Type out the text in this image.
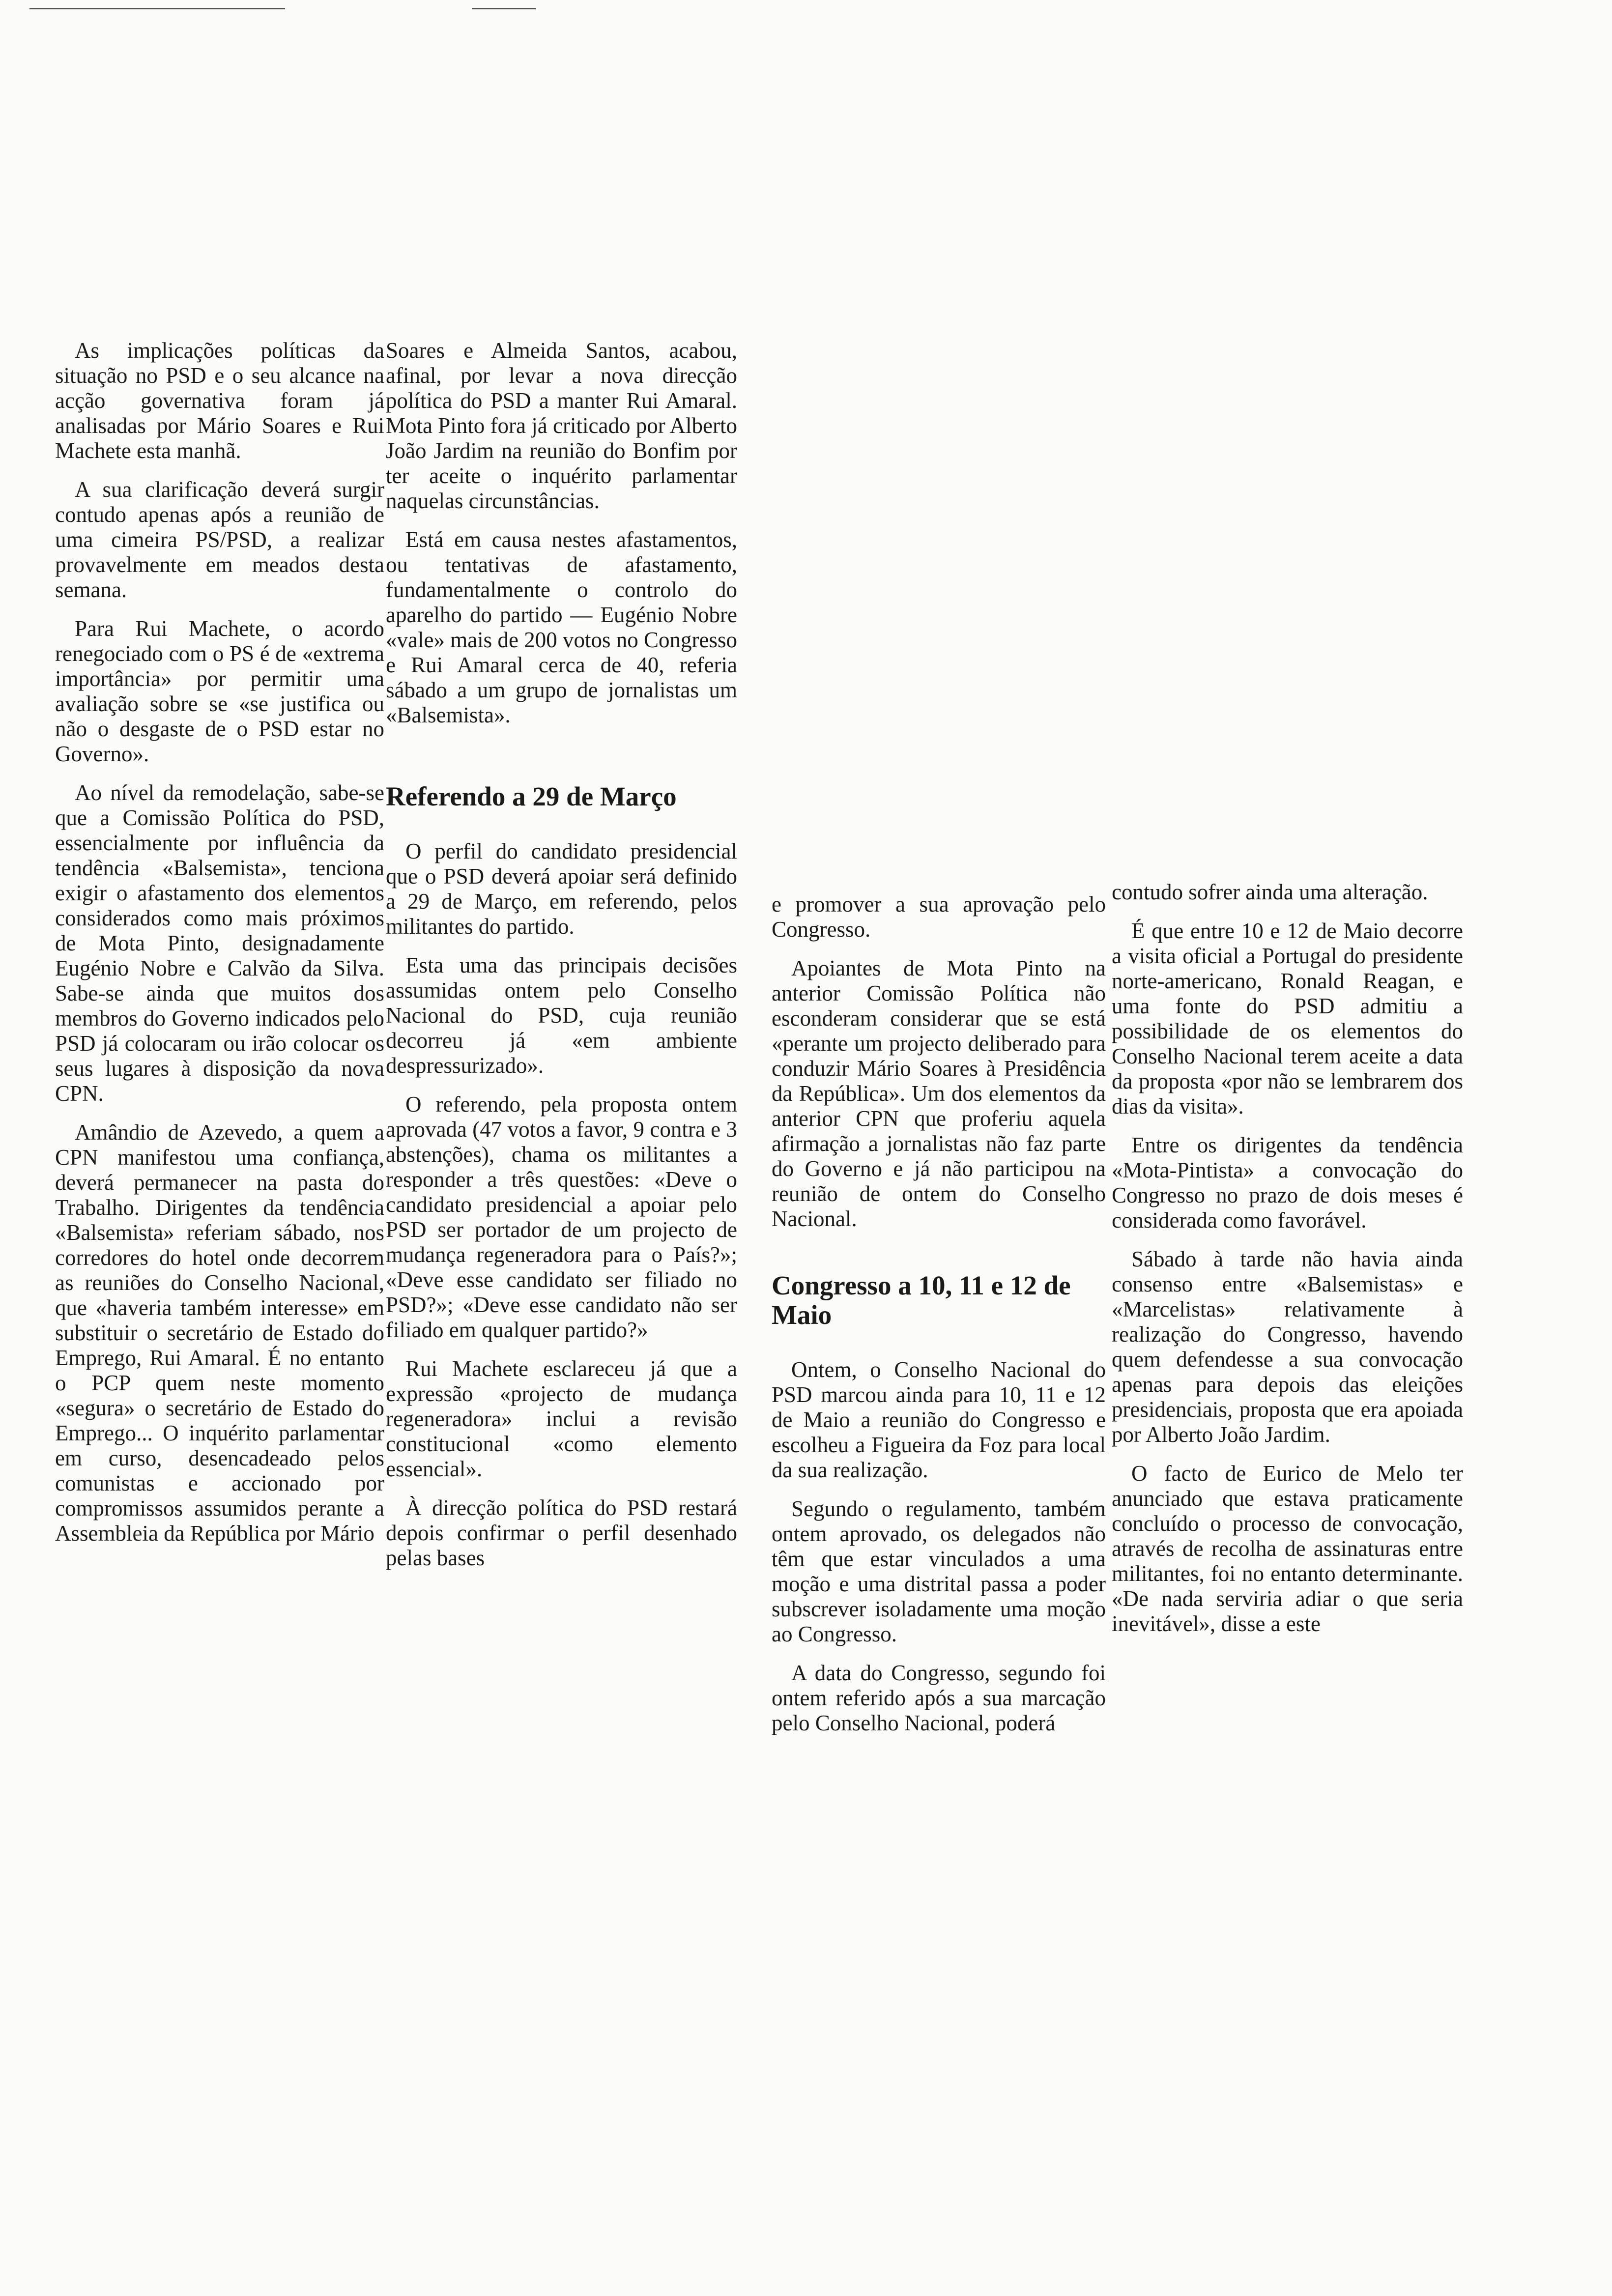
As implicações políticas da situação no PSD e o seu alcance na acção governativa foram já analisadas por Mário Soares e Rui Machete esta manhã.

A sua clarificação deverá surgir contudo apenas após a reunião de uma cimeira PS/PSD, a realizar provavelmente em meados desta semana.

Para Rui Machete, o acordo renegociado com o PS é de «extrema importância» por permitir uma avaliação sobre se «se justifica ou não o desgaste de o PSD estar no Governo».

Ao nível da remodelação, sabe-se que a Comissão Política do PSD, essencialmente por influência da tendência «Balsemista», tenciona exigir o afastamento dos elementos considerados como mais próximos de Mota Pinto, designadamente Eugénio Nobre e Calvão da Silva. Sabe-se ainda que muitos dos membros do Governo indicados pelo PSD já colocaram ou irão colocar os seus lugares à disposição da nova CPN.

Amândio de Azevedo, a quem a CPN manifestou uma confiança, deverá permanecer na pasta do Trabalho. Dirigentes da tendência «Balsemista» referiam sábado, nos corredores do hotel onde decorrem as reuniões do Conselho Nacional, que «haveria também interesse» em substituir o secretário de Estado do Emprego, Rui Amaral. É no entanto o PCP quem neste momento «segura» o secretário de Estado do Emprego... O inquérito parlamentar em curso, desencadeado pelos comunistas e accionado por compromissos assumidos perante a Assembleia da República por Mário

Soares e Almeida Santos, acabou, afinal, por levar a nova direcção política do PSD a manter Rui Amaral. Mota Pinto fora já criticado por Alberto João Jardim na reunião do Bonfim por ter aceite o inquérito parlamentar naquelas circunstâncias.

Está em causa nestes afastamentos, ou tentativas de afastamento, fundamentalmente o controlo do aparelho do partido — Eugénio Nobre «vale» mais de 200 votos no Congresso e Rui Amaral cerca de 40, referia sábado a um grupo de jornalistas um «Balsemista».

Referendo a 29 de Março

O perfil do candidato presidencial que o PSD deverá apoiar será definido a 29 de Março, em referendo, pelos militantes do partido.

Esta uma das principais decisões assumidas ontem pelo Conselho Nacional do PSD, cuja reunião decorreu já «em ambiente despressurizado».

O referendo, pela proposta ontem aprovada (47 votos a favor, 9 contra e 3 abstenções), chama os militantes a responder a três questões: «Deve o candidato presidencial a apoiar pelo PSD ser portador de um projecto de mudança regeneradora para o País?»; «Deve esse candidato ser filiado no PSD?»; «Deve esse candidato não ser filiado em qualquer partido?»

Rui Machete esclareceu já que a expressão «projecto de mudança regeneradora» inclui a revisão constitucional «como elemento essencial».

À direcção política do PSD restará depois confirmar o perfil desenhado pelas bases

e promover a sua aprovação pelo Congresso.

Apoiantes de Mota Pinto na anterior Comissão Política não esconderam considerar que se está «perante um projecto deliberado para conduzir Mário Soares à Presidência da República». Um dos elementos da anterior CPN que proferiu aquela afirmação a jornalistas não faz parte do Governo e já não participou na reunião de ontem do Conselho Nacional.

Congresso a 10, 11 e 12 de Maio

Ontem, o Conselho Nacional do PSD marcou ainda para 10, 11 e 12 de Maio a reunião do Congresso e escolheu a Figueira da Foz para local da sua realização.

Segundo o regulamento, também ontem aprovado, os delegados não têm que estar vinculados a uma moção e uma distrital passa a poder subscrever isoladamente uma moção ao Congresso.

A data do Congresso, segundo foi ontem referido após a sua marcação pelo Conselho Nacional, poderá

contudo sofrer ainda uma alteração.

É que entre 10 e 12 de Maio decorre a visita oficial a Portugal do presidente norte-americano, Ronald Reagan, e uma fonte do PSD admitiu a possibilidade de os elementos do Conselho Nacional terem aceite a data da proposta «por não se lembrarem dos dias da visita».

Entre os dirigentes da tendência «Mota-Pintista» a convocação do Congresso no prazo de dois meses é considerada como favorável.

Sábado à tarde não havia ainda consenso entre «Balsemistas» e «Marcelistas» relativamente à realização do Congresso, havendo quem defendesse a sua convocação apenas para depois das eleições presidenciais, proposta que era apoiada por Alberto João Jardim.

O facto de Eurico de Melo ter anunciado que estava praticamente concluído o processo de convocação, através de recolha de assinaturas entre militantes, foi no entanto determinante. «De nada serviria adiar o que seria inevitável», disse a este
